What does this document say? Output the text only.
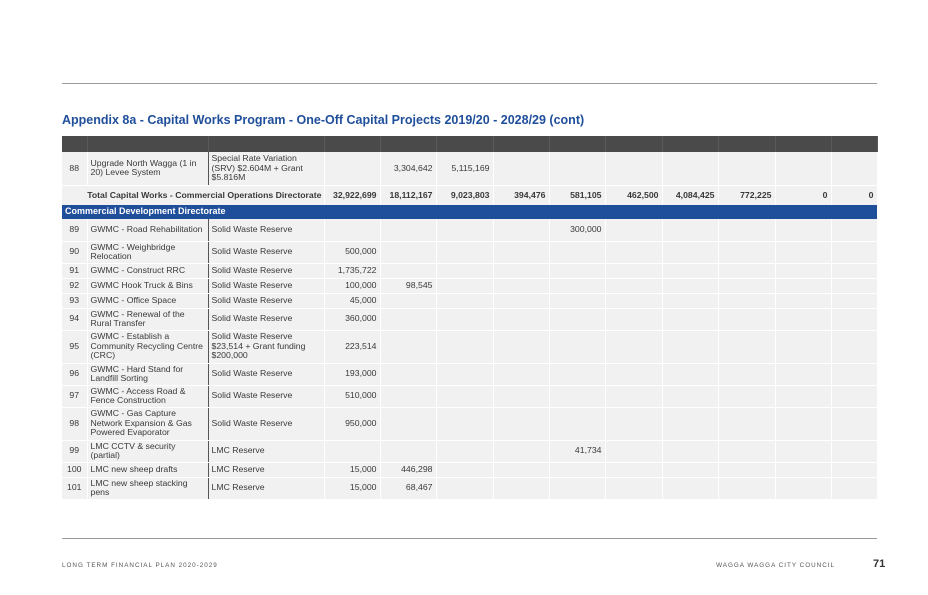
Appendix 8a - Capital Works Program - One-Off Capital Projects 2019/20 - 2028/29 (cont)

88	Upgrade North Wagga (1 in 20) Levee System	Special Rate Variation (SRV) $2.604M + Grant $5.816M		3,304,642	5,115,169							
Total Capital Works - Commercial Operations Directorate			32,922,699	18,112,167	9,023,803	394,476	581,105	462,500	4,084,425	772,225	0	0
Commercial Development Directorate												
89	GWMC - Road Rehabilitation	Solid Waste Reserve					300,000					
90	GWMC - Weighbridge Relocation	Solid Waste Reserve	500,000									
91	GWMC - Construct RRC	Solid Waste Reserve	1,735,722									
92	GWMC Hook Truck & Bins	Solid Waste Reserve	100,000	98,545								
93	GWMC - Office Space	Solid Waste Reserve	45,000									
94	GWMC - Renewal of the Rural Transfer	Solid Waste Reserve	360,000									
95	GWMC - Establish a Community Recycling Centre (CRC)	Solid Waste Reserve $23,514 + Grant funding $200,000	223,514									
96	GWMC - Hard Stand for Landfill Sorting	Solid Waste Reserve	193,000									
97	GWMC - Access Road & Fence Construction	Solid Waste Reserve	510,000									
98	GWMC - Gas Capture Network Expansion & Gas Powered Evaporator	Solid Waste Reserve	950,000									
99	LMC CCTV & security (partial)	LMC Reserve					41,734					
100	LMC new sheep drafts	LMC Reserve	15,000	446,298								
101	LMC new sheep stacking pens	LMC Reserve	15,000	68,467								
LONG TERM FINANCIAL PLAN 2020-2029	WAGGA WAGGA CITY COUNCIL	71
